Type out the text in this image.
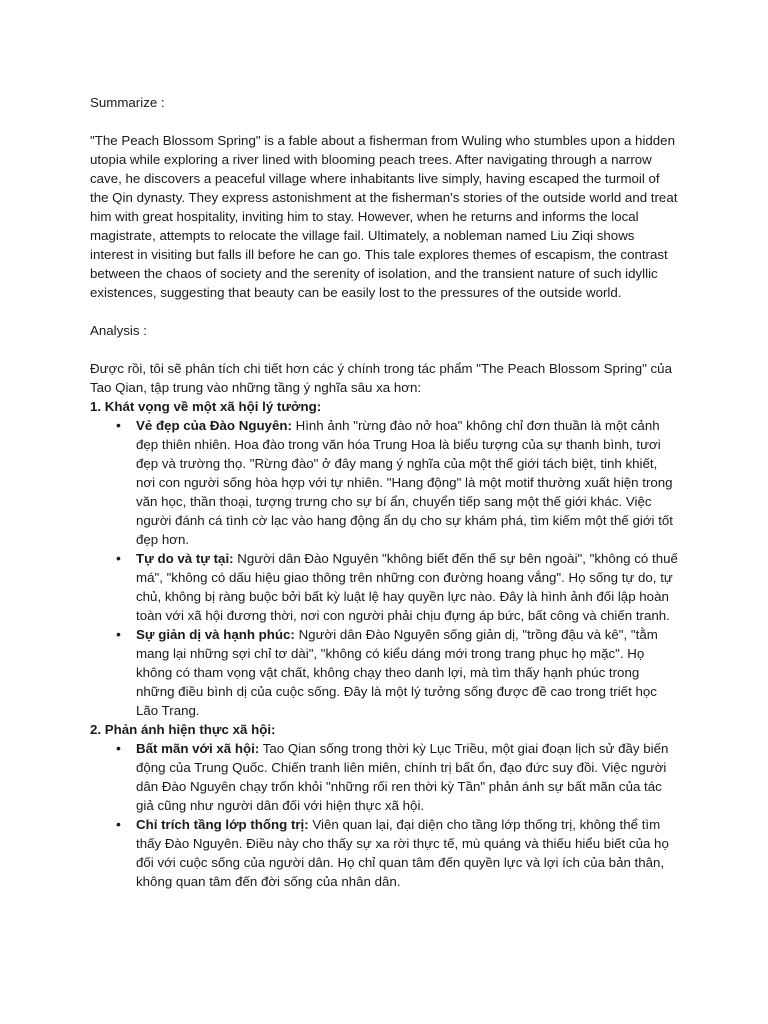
Summarize :

"The Peach Blossom Spring" is a fable about a fisherman from Wuling who stumbles upon a hidden utopia while exploring a river lined with blooming peach trees. After navigating through a narrow cave, he discovers a peaceful village where inhabitants live simply, having escaped the turmoil of the Qin dynasty. They express astonishment at the fisherman's stories of the outside world and treat him with great hospitality, inviting him to stay. However, when he returns and informs the local magistrate, attempts to relocate the village fail. Ultimately, a nobleman named Liu Ziqi shows interest in visiting but falls ill before he can go. This tale explores themes of escapism, the contrast between the chaos of society and the serenity of isolation, and the transient nature of such idyllic existences, suggesting that beauty can be easily lost to the pressures of the outside world.

Analysis :

Được rồi, tôi sẽ phân tích chi tiết hơn các ý chính trong tác phẩm "The Peach Blossom Spring" của Tao Qian, tập trung vào những tầng ý nghĩa sâu xa hơn:

1. Khát vọng về một xã hội lý tưởng:

• Vẻ đẹp của Đào Nguyên: Hình ảnh "rừng đào nở hoa" không chỉ đơn thuần là một cảnh đẹp thiên nhiên. Hoa đào trong văn hóa Trung Hoa là biểu tượng của sự thanh bình, tươi đẹp và trường thọ. "Rừng đào" ở đây mang ý nghĩa của một thế giới tách biệt, tinh khiết, nơi con người sống hòa hợp với tự nhiên. "Hang động" là một motif thường xuất hiện trong văn học, thần thoại, tượng trưng cho sự bí ẩn, chuyển tiếp sang một thế giới khác. Việc người đánh cá tình cờ lạc vào hang động ẩn dụ cho sự khám phá, tìm kiếm một thế giới tốt đẹp hơn.
• Tự do và tự tại: Người dân Đào Nguyên "không biết đến thế sự bên ngoài", "không có thuế má", "không có dấu hiệu giao thông trên những con đường hoang vắng". Họ sống tự do, tự chủ, không bị ràng buộc bởi bất kỳ luật lệ hay quyền lực nào. Đây là hình ảnh đối lập hoàn toàn với xã hội đương thời, nơi con người phải chịu đựng áp bức, bất công và chiến tranh.
• Sự giản dị và hạnh phúc: Người dân Đào Nguyên sống giản dị, "trồng đậu và kê", "tằm mang lại những sợi chỉ tơ dài", "không có kiểu dáng mới trong trang phục họ mặc". Họ không có tham vọng vật chất, không chạy theo danh lợi, mà tìm thấy hạnh phúc trong những điều bình dị của cuộc sống. Đây là một lý tưởng sống được đề cao trong triết học Lão Trang.

2. Phản ánh hiện thực xã hội:

• Bất mãn với xã hội: Tao Qian sống trong thời kỳ Lục Triều, một giai đoạn lịch sử đầy biến động của Trung Quốc. Chiến tranh liên miên, chính trị bất ổn, đạo đức suy đồi. Việc người dân Đào Nguyên chạy trốn khỏi "những rối ren thời kỳ Tần" phản ánh sự bất mãn của tác giả cũng như người dân đối với hiện thực xã hội.
• Chỉ trích tầng lớp thống trị: Viên quan lại, đại diện cho tầng lớp thống trị, không thể tìm thấy Đào Nguyên. Điều này cho thấy sự xa rời thực tế, mù quáng và thiếu hiểu biết của họ đối với cuộc sống của người dân. Họ chỉ quan tâm đến quyền lực và lợi ích của bản thân, không quan tâm đến đời sống của nhân dân.
